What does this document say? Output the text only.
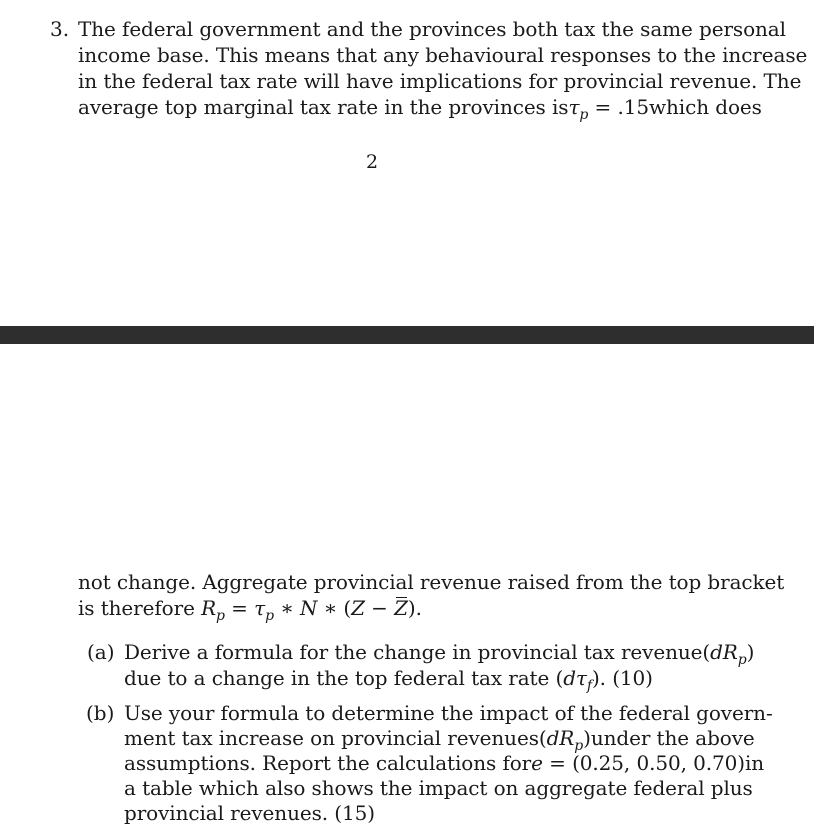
3. The federal government and the provinces both tax the same personal
income base. This means that any behavioural responses to the increase
in the federal tax rate will have implications for provincial revenue. The
average top marginal tax rate in the provinces is $\tau_p = .15$ which does
2
not change. Aggregate provincial revenue raised from the top bracket
is therefore $R_p = \tau_p$ ∗ N ∗ (Z − Z).
(a) Derive a formula for the change in provincial tax revenue $(dR_p)$
due to a change in the top federal tax rate $(d\tau_f)$. (10)
(b) Use your formula to determine the impact of the federal govern-
ment tax increase on provincial revenues $(dR_p)$ under the above
assumptions. Report the calculations for e = (0.25, 0.50, 0.70) in
a table which also shows the impact on aggregate federal plus
provincial revenues. (15)
